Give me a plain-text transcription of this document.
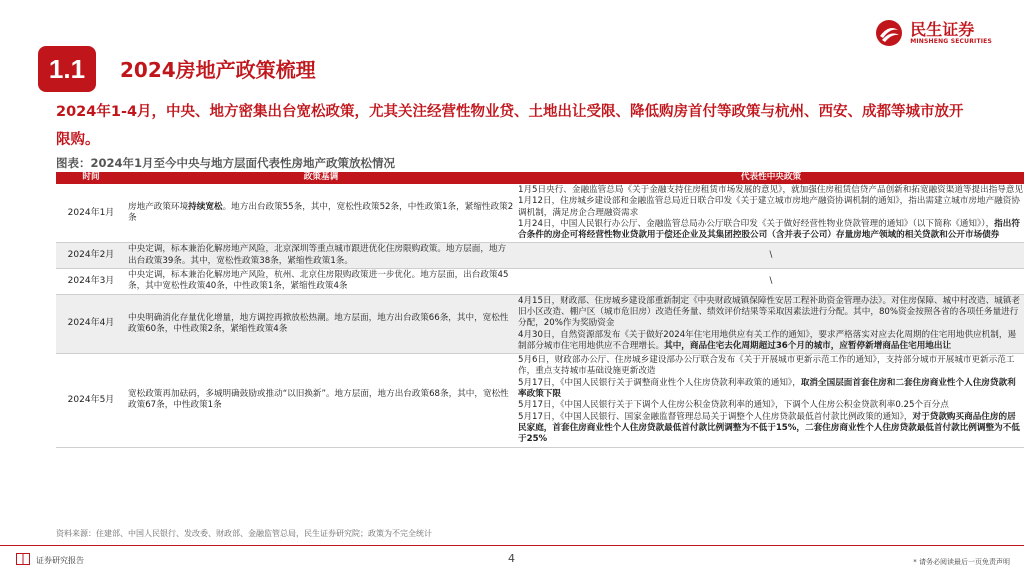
1.1 2024房地产政策梳理
民生证券
MINSHENG SECURITIES
2024年1-4月，中央、地方密集出台宽松政策，尤其关注经营性物业贷、土地出让受限、降低购房首付等政策与杭州、西安、成都等城市放开限购。
图表：2024年1月至今中央与地方层面代表性房地产政策放松情况
时间	政策基调	代表性中央政策
2024年1月	房地产政策环境持续宽松。地方出台政策55条，其中，宽松性政策52条，中性政策1条，紧缩性政策2条	1月5日央行、金融监管总局《关于金融支持住房租赁市场发展的意见》，就加强住房租赁信贷产品创新和拓宽融资渠道等提出指导意见
1月12日，住房城乡建设部和金融监管总局近日联合印发《关于建立城市房地产融资协调机制的通知》，指出需建立城市房地产融资协调机制，满足房企合理融资需求
1月24日，中国人民银行办公厅、金融监管总局办公厅联合印发《关于做好经营性物业贷款管理的通知》（以下简称《通知》），指出符合条件的房企可将经营性物业贷款用于偿还企业及其集团控股公司（含并表子公司）存量房地产领域的相关贷款和公开市场债券

2024年2月	中央定调，标本兼治化解房地产风险，北京深圳等重点城市跟进优化住房限购政策。地方层面，地方出台政策39条。其中，宽松性政策38条，紧缩性政策1条。	\
2024年3月	中央定调，标本兼治化解房地产风险，杭州、北京住房限购政策进一步优化。地方层面，出台政策45条，其中宽松性政策40条，中性政策1条，紧缩性政策4条	\
2024年4月	中央明确消化存量优化增量，地方调控再掀放松热潮。地方层面，地方出台政策66条，其中，宽松性政策60条，中性政策2条，紧缩性政策4条	4月15日，财政部、住房城乡建设部重新制定《中央财政城镇保障性安居工程补助资金管理办法》。对住房保障、城中村改造、城镇老旧小区改造、棚户区（城市危旧房）改造任务量、绩效评价结果等采取因素法进行分配。其中，80%资金按照各省的各项任务量进行分配，20%作为奖励资金
4月30日，自然资源部发布《关于做好2024年住宅用地供应有关工作的通知》，要求严格落实对应去化周期的住宅用地供应机制，遏制部分城市住宅用地供应不合理增长。其中，商品住宅去化周期超过36个月的城市，应暂停新增商品住宅用地出让

2024年5月	宽松政策再加砝码，多城明确鼓励或推动“以旧换新”。地方层面，地方出台政策68条，其中，宽松性政策67条，中性政策1条	5月6日，财政部办公厅、住房城乡建设部办公厅联合发布《关于开展城市更新示范工作的通知》，支持部分城市开展城市更新示范工作，重点支持城市基础设施更新改造
5月17日，《中国人民银行关于调整商业性个人住房贷款利率政策的通知》，取消全国层面首套住房和二套住房商业性个人住房贷款利率政策下限
5月17日，《中国人民银行关于下调个人住房公积金贷款利率的通知》，下调个人住房公积金贷款利率0.25个百分点
5月17日，《中国人民银行、国家金融监督管理总局关于调整个人住房贷款最低首付款比例政策的通知》，对于贷款购买商品住房的居民家庭，首套住房商业性个人住房贷款最低首付款比例调整为不低于15%，二套住房商业性个人住房贷款最低首付款比例调整为不低于25%
资料来源：住建部、中国人民银行、发改委、财政部、金融监管总局，民生证券研究院；政策为不完全统计
证券研究报告	4	* 请务必阅读最后一页免责声明
